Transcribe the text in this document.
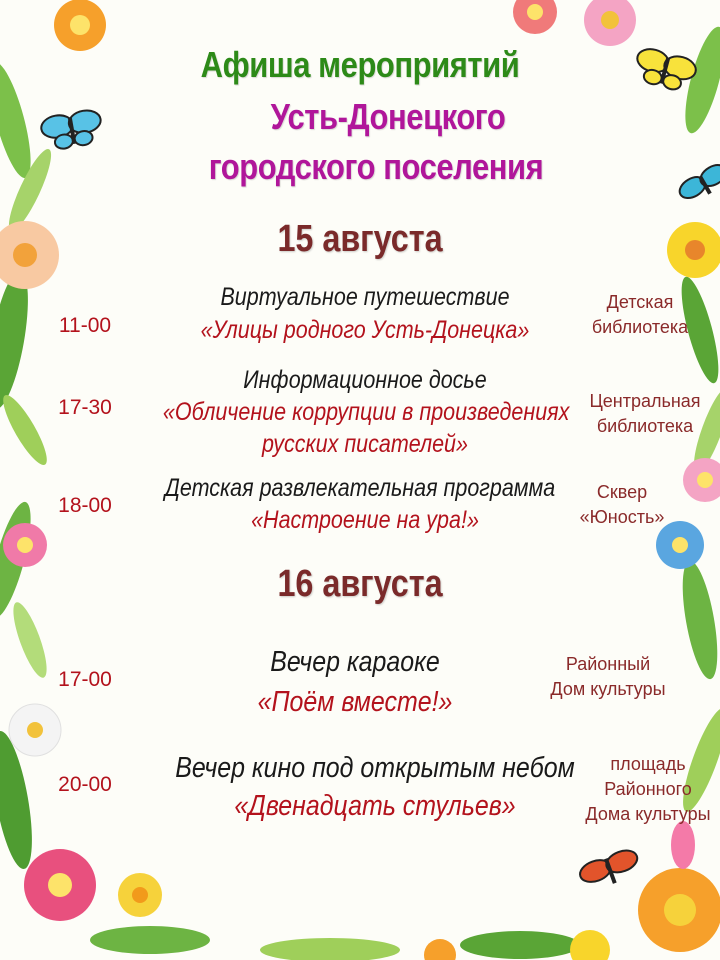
Афиша мероприятий
Усть-Донецкого
городского поселения
15 августа
11-00
Виртуальное путешествие
«Улицы родного Усть-Донецка»
Детская
библиотека
17-30
Информационное досье
«Обличение коррупции в произведениях
русских писателей»
Центральная
библиотека
18-00
Детская развлекательная программа
«Настроение на ура!»
Сквер
«Юность»
16 августа
17-00
Вечер караоке
«Поём вместе!»
Районный
Дом культуры
20-00
Вечер кино под открытым небом
«Двенадцать стульев»
площадь
Районного
Дома культуры
